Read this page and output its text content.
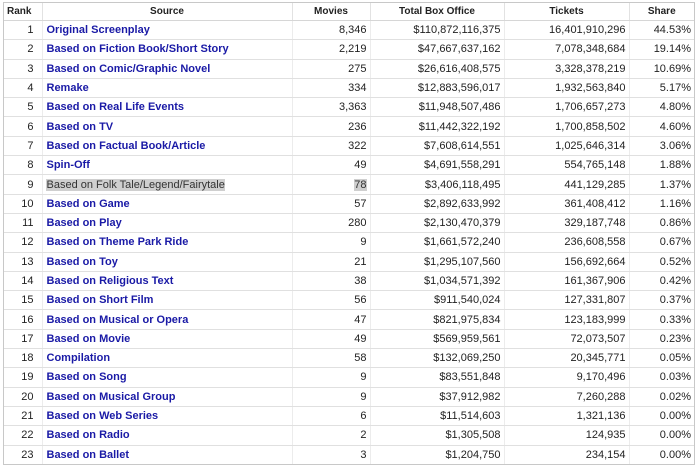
Rank	Source	Movies	Total Box Office	Tickets	Share
1	Original Screenplay	8,346	$110,872,116,375	16,401,910,296	44.53%
2	Based on Fiction Book/Short Story	2,219	$47,667,637,162	7,078,348,684	19.14%
3	Based on Comic/Graphic Novel	275	$26,616,408,575	3,328,378,219	10.69%
4	Remake	334	$12,883,596,017	1,932,563,840	5.17%
5	Based on Real Life Events	3,363	$11,948,507,486	1,706,657,273	4.80%
6	Based on TV	236	$11,442,322,192	1,700,858,502	4.60%
7	Based on Factual Book/Article	322	$7,608,614,551	1,025,646,314	3.06%
8	Spin-Off	49	$4,691,558,291	554,765,148	1.88%
9	Based on Folk Tale/Legend/Fairytale	78	$3,406,118,495	441,129,285	1.37%
10	Based on Game	57	$2,892,633,992	361,408,412	1.16%
11	Based on Play	280	$2,130,470,379	329,187,748	0.86%
12	Based on Theme Park Ride	9	$1,661,572,240	236,608,558	0.67%
13	Based on Toy	21	$1,295,107,560	156,692,664	0.52%
14	Based on Religious Text	38	$1,034,571,392	161,367,906	0.42%
15	Based on Short Film	56	$911,540,024	127,331,807	0.37%
16	Based on Musical or Opera	47	$821,975,834	123,183,999	0.33%
17	Based on Movie	49	$569,959,561	72,073,507	0.23%
18	Compilation	58	$132,069,250	20,345,771	0.05%
19	Based on Song	9	$83,551,848	9,170,496	0.03%
20	Based on Musical Group	9	$37,912,982	7,260,288	0.02%
21	Based on Web Series	6	$11,514,603	1,321,136	0.00%
22	Based on Radio	2	$1,305,508	124,935	0.00%
23	Based on Ballet	3	$1,204,750	234,154	0.00%
